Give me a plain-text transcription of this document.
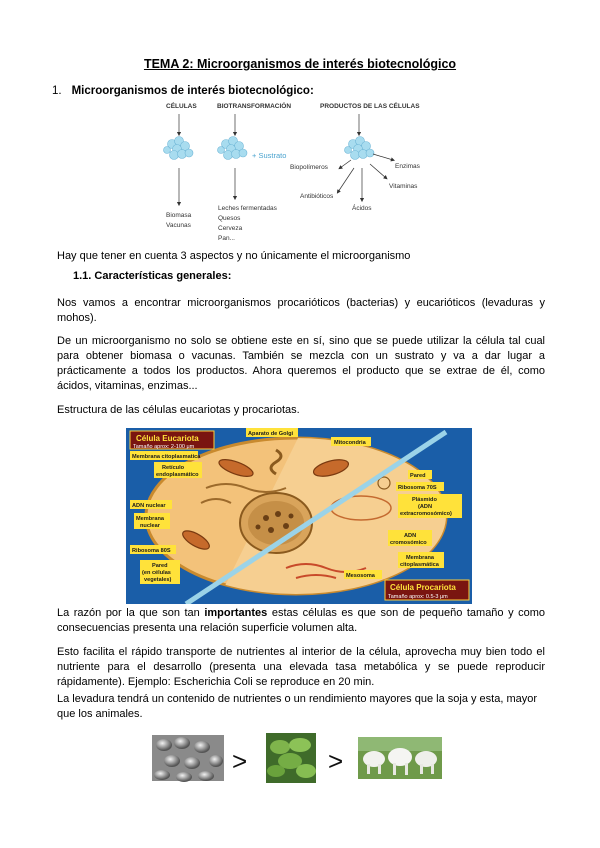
TEMA 2: Microorganismos de interés biotecnológico
1. Microorganismos de interés biotecnológico:
CÉLULAS	BIOTRANSFORMACIÓN	PRODUCTOS DE LAS CÉLULAS
+ Sustrato
Biomasa
Vacunas
Leches fermentadas
Quesos
Cerveza
Pan...
Biopolímeros	Enzimas
Vitaminas
Antibióticos
Ácidos
Hay que tener en cuenta 3 aspectos y no únicamente el microorganismo
1.1. Características generales:
Nos vamos a encontrar microorganismos procarióticos (bacterias) y eucarióticos (levaduras y mohos).
De un microorganismo no solo se obtiene este en sí, sino que se puede utilizar la célula tal cual para obtener biomasa o vacunas. También se mezcla con un sustrato y va a dar lugar a prácticamente a todos los productos. Ahora queremos el producto que se extrae de él, como ácidos, vitaminas, enzimas...
Estructura de las células eucariotas y procariotas.
Célula Eucariota
Tamaño aprox: 2-100 μm
Célula Procariota
Tamaño aprox: 0.5-3 μm
Aparato de Golgi
Mitocondria
Membrana citoplasmatica
Retículo
endoplasmático
ADN nuclear
Membrana
nuclear
Ribosoma 80S
Pared
(en células
vegetales)
Pared
Ribosoma 70S
Plásmido
(ADN
extracromosómico)
ADN
cromosómico
Membrana
citoplasmática
Mesosoma
La razón por la que son tan importantes estas células es que son de pequeño tamaño y como consecuencias presenta una relación superficie volumen alta.
Esto facilita el rápido transporte de nutrientes al interior de la célula, aprovecha muy bien todo el nutriente para el desarrollo (presenta una elevada tasa metabólica y se puede reproducir rápidamente). Ejemplo: Escherichia Coli se reproduce en 20 min.
La levadura tendrá un contenido de nutrientes o un rendimiento mayores que la soja y esta, mayor que los animales.
>	>
